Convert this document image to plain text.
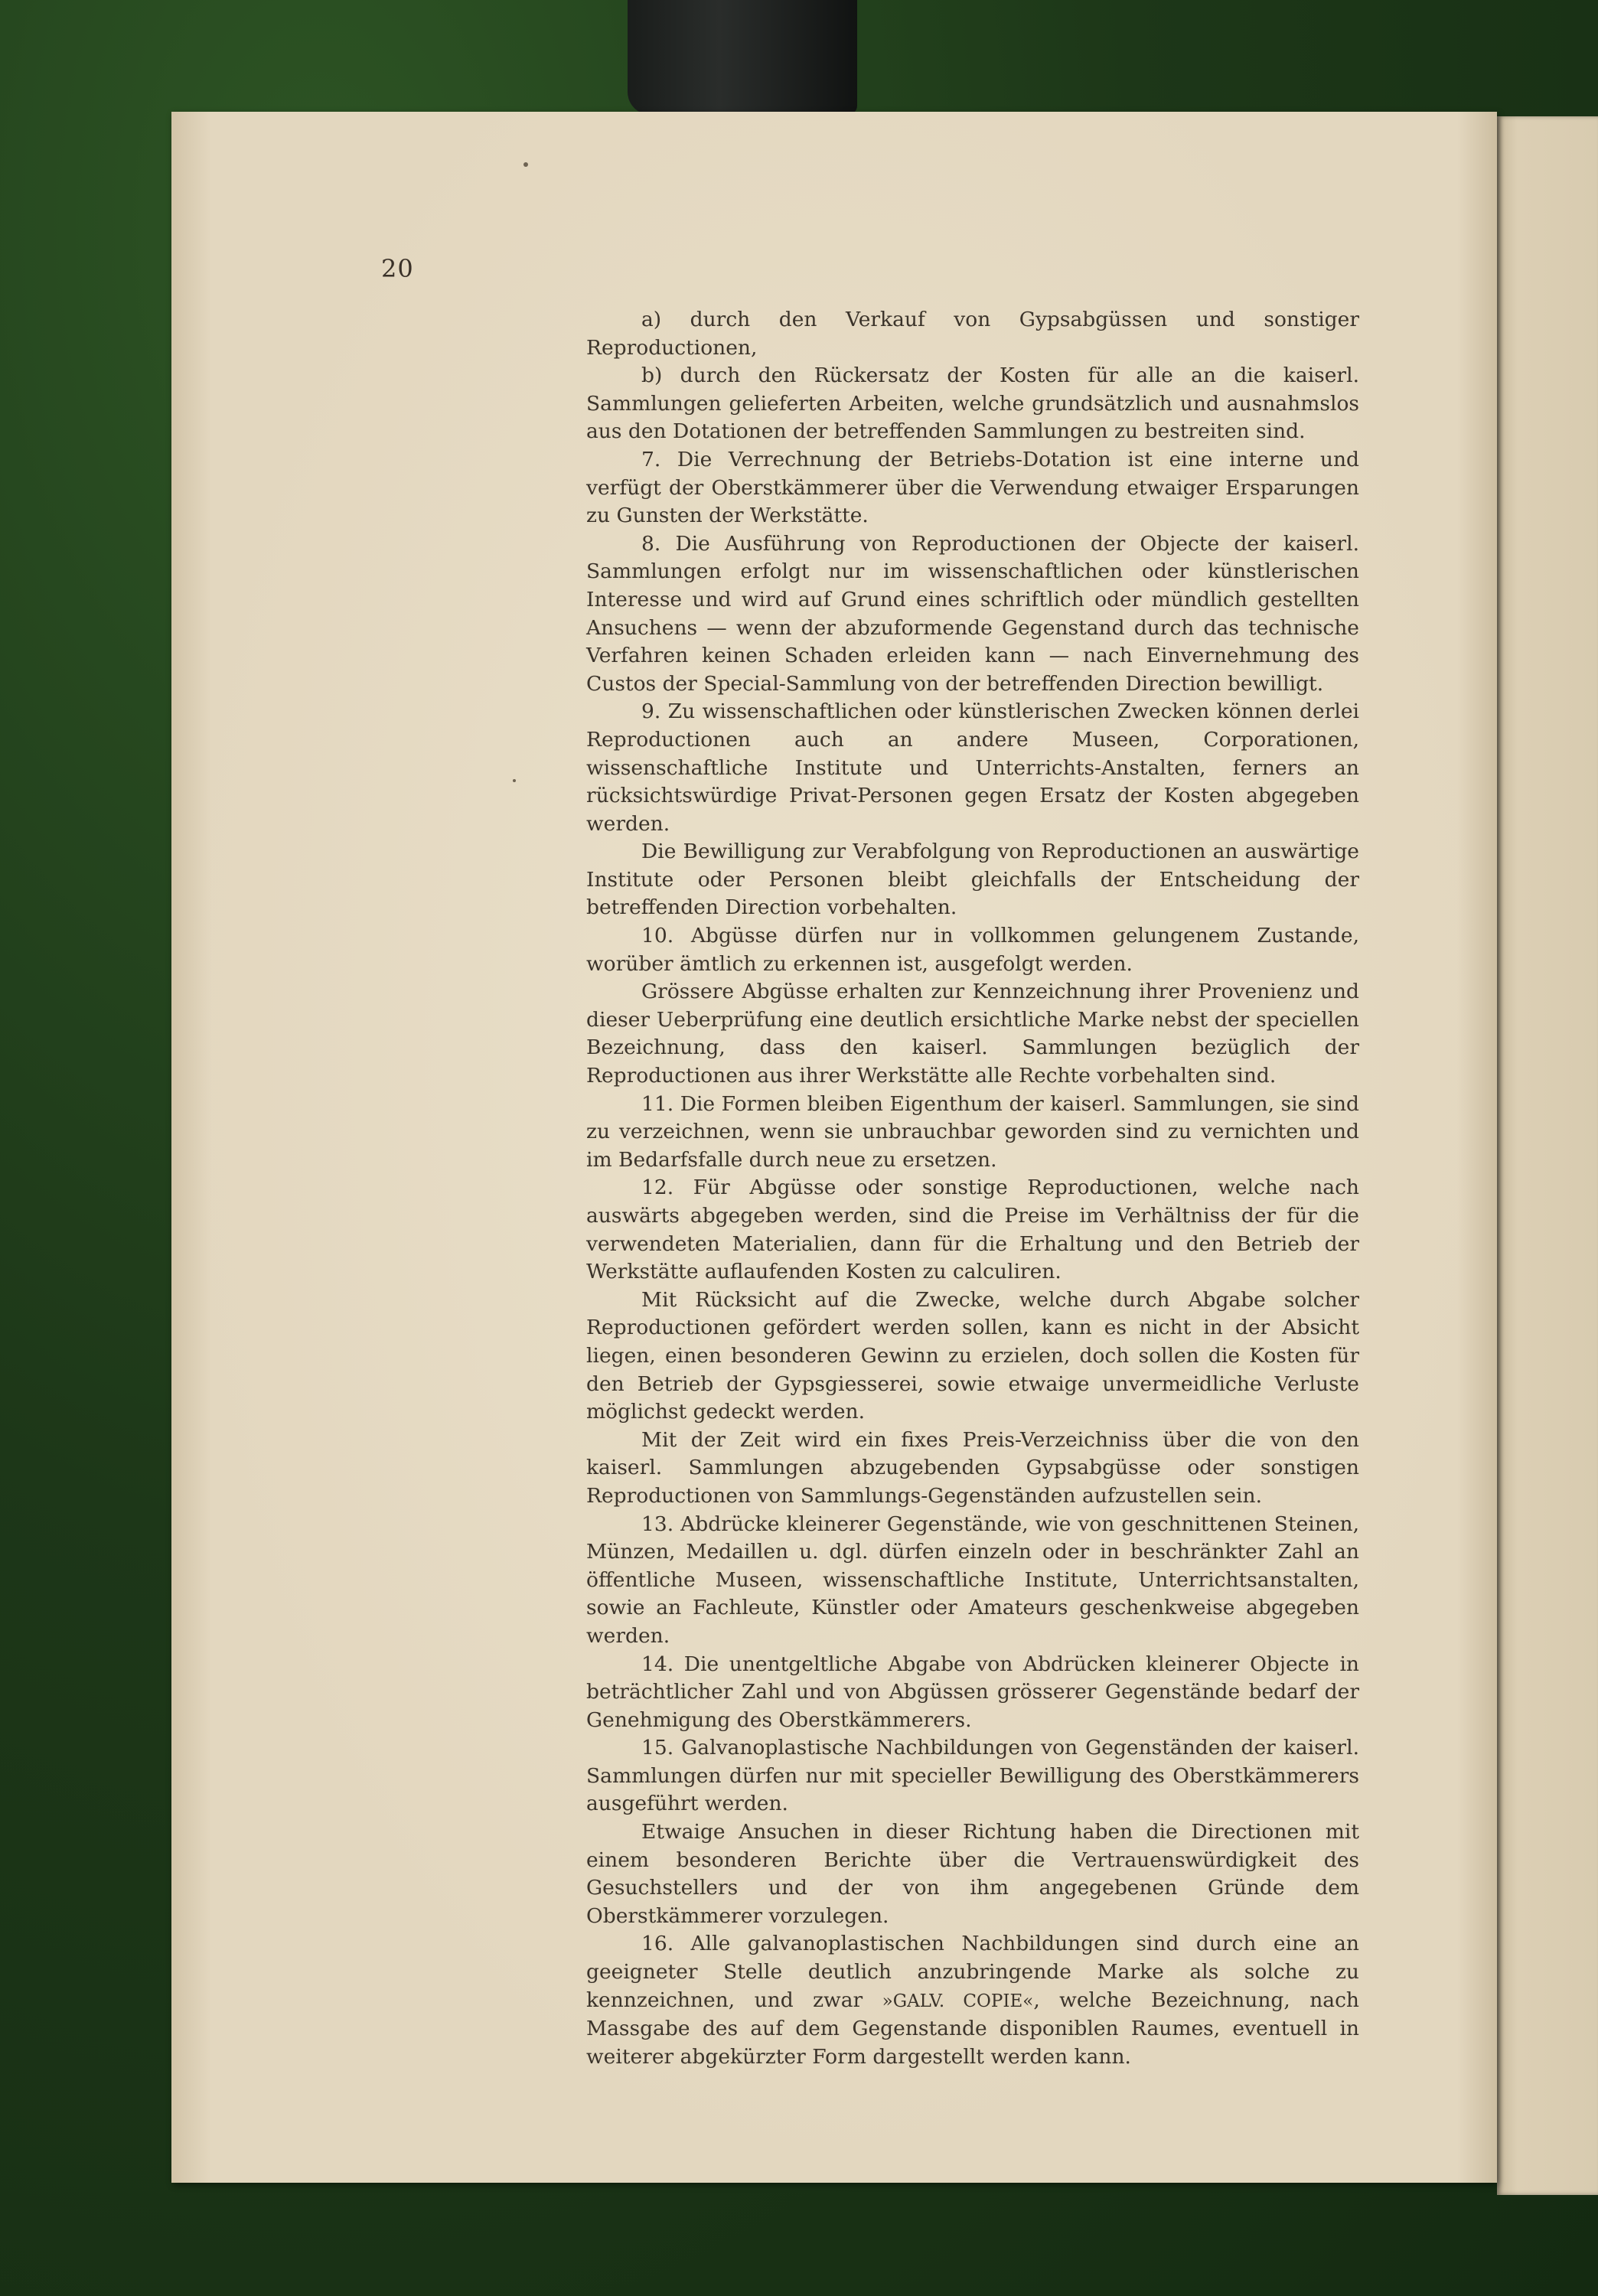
20

a) durch den Verkauf von Gypsabgüssen und sonstiger Reproductionen,

b) durch den Rückersatz der Kosten für alle an die kaiserl. Sammlungen gelieferten Arbeiten, welche grundsätzlich und ausnahmslos aus den Dotationen der betreffenden Sammlungen zu bestreiten sind.

7. Die Verrechnung der Betriebs-Dotation ist eine interne und verfügt der Oberstkämmerer über die Verwendung etwaiger Ersparungen zu Gunsten der Werkstätte.

8. Die Ausführung von Reproductionen der Objecte der kaiserl. Sammlungen erfolgt nur im wissenschaftlichen oder künstlerischen Interesse und wird auf Grund eines schriftlich oder mündlich gestellten Ansuchens — wenn der abzuformende Gegenstand durch das technische Verfahren keinen Schaden erleiden kann — nach Einvernehmung des Custos der Special-Sammlung von der betreffenden Direction bewilligt.

9. Zu wissenschaftlichen oder künstlerischen Zwecken können derlei Reproductionen auch an andere Museen, Corporationen, wissenschaftliche Institute und Unterrichts-Anstalten, ferners an rücksichtswürdige Privat-Personen gegen Ersatz der Kosten abgegeben werden.

Die Bewilligung zur Verabfolgung von Reproductionen an auswärtige Institute oder Personen bleibt gleichfalls der Entscheidung der betreffenden Direction vorbehalten.

10. Abgüsse dürfen nur in vollkommen gelungenem Zustande, worüber ämtlich zu erkennen ist, ausgefolgt werden.

Grössere Abgüsse erhalten zur Kennzeichnung ihrer Provenienz und dieser Ueberprüfung eine deutlich ersichtliche Marke nebst der speciellen Bezeichnung, dass den kaiserl. Sammlungen bezüglich der Reproductionen aus ihrer Werkstätte alle Rechte vorbehalten sind.

11. Die Formen bleiben Eigenthum der kaiserl. Sammlungen, sie sind zu verzeichnen, wenn sie unbrauchbar geworden sind zu vernichten und im Bedarfsfalle durch neue zu ersetzen.

12. Für Abgüsse oder sonstige Reproductionen, welche nach auswärts abgegeben werden, sind die Preise im Verhältniss der für die verwendeten Materialien, dann für die Erhaltung und den Betrieb der Werkstätte auflaufenden Kosten zu calculiren.

Mit Rücksicht auf die Zwecke, welche durch Abgabe solcher Reproductionen gefördert werden sollen, kann es nicht in der Absicht liegen, einen besonderen Gewinn zu erzielen, doch sollen die Kosten für den Betrieb der Gypsgiesserei, sowie etwaige unvermeidliche Verluste möglichst gedeckt werden.

Mit der Zeit wird ein fixes Preis-Verzeichniss über die von den kaiserl. Sammlungen abzugebenden Gypsabgüsse oder sonstigen Reproductionen von Sammlungs-Gegenständen aufzustellen sein.

13. Abdrücke kleinerer Gegenstände, wie von geschnittenen Steinen, Münzen, Medaillen u. dgl. dürfen einzeln oder in beschränkter Zahl an öffentliche Museen, wissenschaftliche Institute, Unterrichtsanstalten, sowie an Fachleute, Künstler oder Amateurs geschenkweise abgegeben werden.

14. Die unentgeltliche Abgabe von Abdrücken kleinerer Objecte in beträchtlicher Zahl und von Abgüssen grösserer Gegenstände bedarf der Genehmigung des Oberstkämmerers.

15. Galvanoplastische Nachbildungen von Gegenständen der kaiserl. Sammlungen dürfen nur mit specieller Bewilligung des Oberstkämmerers ausgeführt werden.

Etwaige Ansuchen in dieser Richtung haben die Directionen mit einem besonderen Berichte über die Vertrauenswürdigkeit des Gesuchstellers und der von ihm angegebenen Gründe dem Oberstkämmerer vorzulegen.

16. Alle galvanoplastischen Nachbildungen sind durch eine an geeigneter Stelle deutlich anzubringende Marke als solche zu kennzeichnen, und zwar »GALV. COPIE«, welche Bezeichnung, nach Massgabe des auf dem Gegenstande disponiblen Raumes, eventuell in weiterer abgekürzter Form dargestellt werden kann.
